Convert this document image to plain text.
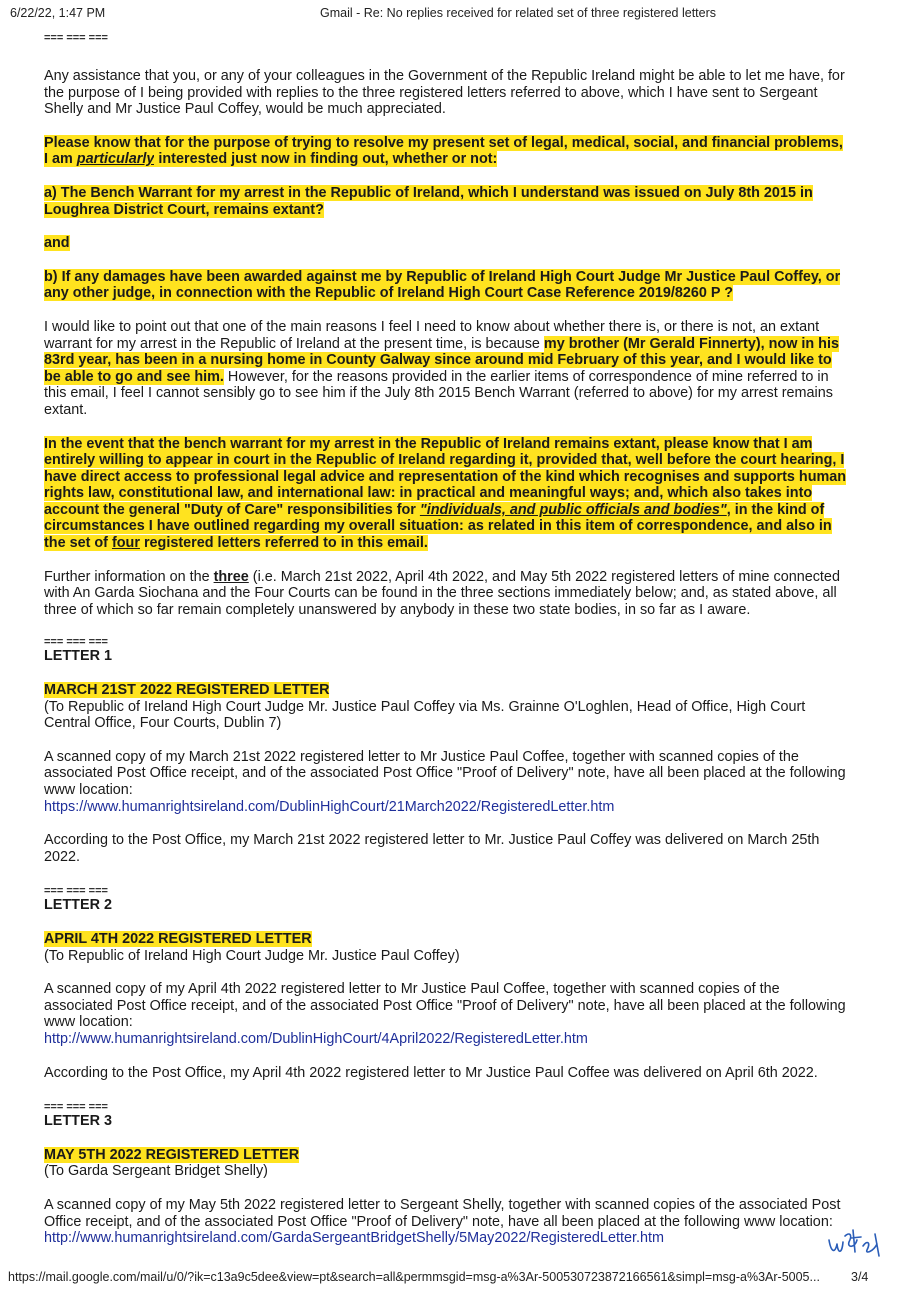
6/22/22, 1:47 PM	Gmail - Re: No replies received for related set of three registered letters

=== === ===

Any assistance that you, or any of your colleagues in the Government of the Republic Ireland might be able to let me have, for the purpose of I being provided with replies to the three registered letters referred to above, which I have sent to Sergeant Shelly and Mr Justice Paul Coffey, would be much appreciated.

Please know that for the purpose of trying to resolve my present set of legal, medical, social, and financial problems, I am particularly interested just now in finding out, whether or not:

a) The Bench Warrant for my arrest in the Republic of Ireland, which I understand was issued on July 8th 2015 in Loughrea District Court, remains extant?

and

b) If any damages have been awarded against me by Republic of Ireland High Court Judge Mr Justice Paul Coffey, or any other judge, in connection with the Republic of Ireland High Court Case Reference 2019/8260 P ?

I would like to point out that one of the main reasons I feel I need to know about whether there is, or there is not, an extant warrant for my arrest in the Republic of Ireland at the present time, is because my brother (Mr Gerald Finnerty), now in his 83rd year, has been in a nursing home in County Galway since around mid February of this year, and I would like to be able to go and see him. However, for the reasons provided in the earlier items of correspondence of mine referred to in this email, I feel I cannot sensibly go to see him if the July 8th 2015 Bench Warrant (referred to above) for my arrest remains extant.

In the event that the bench warrant for my arrest in the Republic of Ireland remains extant, please know that I am entirely willing to appear in court in the Republic of Ireland regarding it, provided that, well before the court hearing, I have direct access to professional legal advice and representation of the kind which recognises and supports human rights law, constitutional law, and international law: in practical and meaningful ways; and, which also takes into account the general "Duty of Care" responsibilities for "individuals, and public officials and bodies", in the kind of circumstances I have outlined regarding my overall situation: as related in this item of correspondence, and also in the set of four registered letters referred to in this email.

Further information on the three (i.e. March 21st 2022, April 4th 2022, and May 5th 2022 registered letters of mine connected with An Garda Siochana and the Four Courts can be found in the three sections immediately below; and, as stated above, all three of which so far remain completely unanswered by anybody in these two state bodies, in so far as I aware.

=== === ===

LETTER 1

MARCH 21ST 2022 REGISTERED LETTER

(To Republic of Ireland High Court Judge Mr. Justice Paul Coffey via Ms. Grainne O'Loghlen, Head of Office, High Court Central Office, Four Courts, Dublin 7)

A scanned copy of my March 21st 2022 registered letter to Mr Justice Paul Coffee, together with scanned copies of the associated Post Office receipt, and of the associated Post Office "Proof of Delivery" note, have all been placed at the following www location:

https://www.humanrightsireland.com/DublinHighCourt/21March2022/RegisteredLetter.htm

According to the Post Office, my March 21st 2022 registered letter to Mr. Justice Paul Coffey was delivered on March 25th 2022.

=== === ===

LETTER 2

APRIL 4TH 2022 REGISTERED LETTER

(To Republic of Ireland High Court Judge Mr. Justice Paul Coffey)

A scanned copy of my April 4th 2022 registered letter to Mr Justice Paul Coffee, together with scanned copies of the associated Post Office receipt, and of the associated Post Office "Proof of Delivery" note, have all been placed at the following www location:

http://www.humanrightsireland.com/DublinHighCourt/4April2022/RegisteredLetter.htm

According to the Post Office, my April 4th 2022 registered letter to Mr Justice Paul Coffee was delivered on April 6th 2022.

=== === ===

LETTER 3

MAY 5TH 2022 REGISTERED LETTER

(To Garda Sergeant Bridget Shelly)

A scanned copy of my May 5th 2022 registered letter to Sergeant Shelly, together with scanned copies of the associated Post Office receipt, and of the associated Post Office "Proof of Delivery" note, have all been placed at the following www location:

http://www.humanrightsireland.com/GardaSergeantBridgetShelly/5May2022/RegisteredLetter.htm

https://mail.google.com/mail/u/0/?ik=c13a9c5dee&view=pt&search=all&permmsgid=msg-a%3Ar-500530723872166561&simpl=msg-a%3Ar-5005...	3/4
